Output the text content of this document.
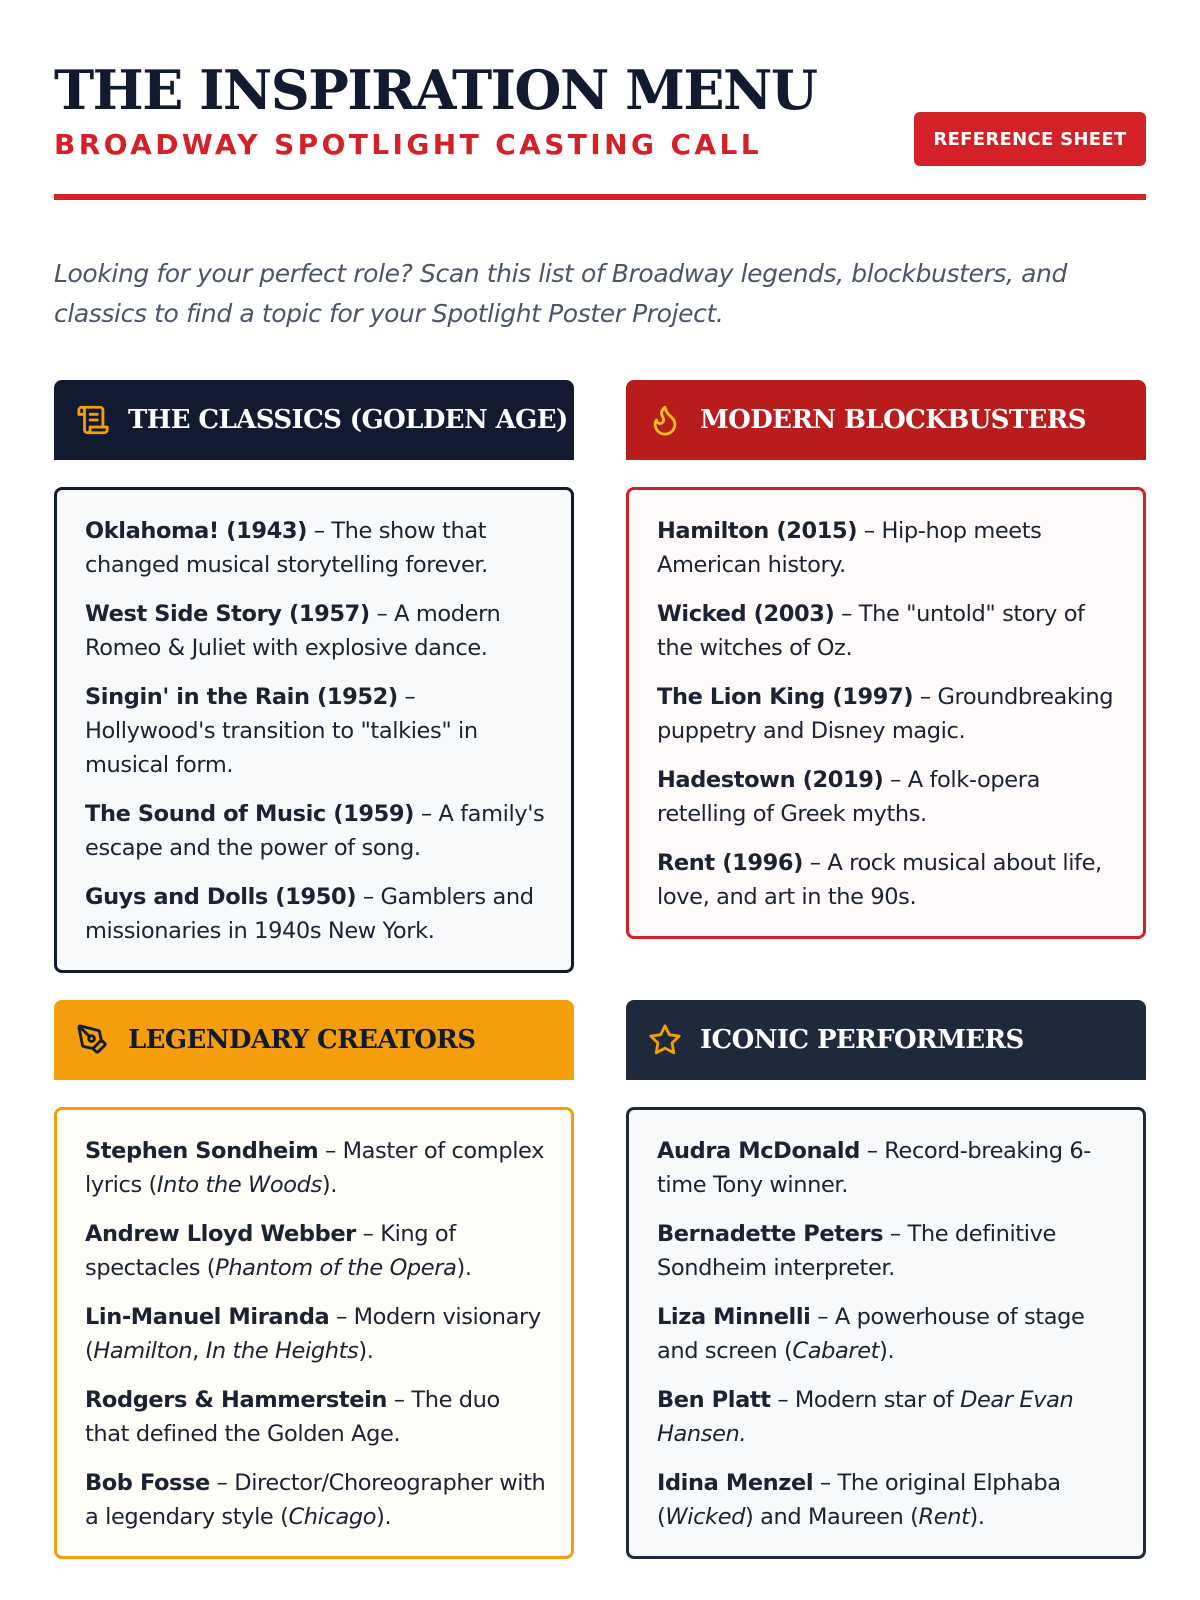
THE INSPIRATION MENU
BROADWAY SPOTLIGHT CASTING CALL	REFERENCE SHEET

Looking for your perfect role? Scan this list of Broadway legends, blockbusters, and classics to find a topic for your Spotlight Poster Project.

THE CLASSICS (GOLDEN AGE)

Oklahoma! (1943) – The show that changed musical storytelling forever.

West Side Story (1957) – A modern Romeo & Juliet with explosive dance.

Singin' in the Rain (1952) – Hollywood's transition to "talkies" in musical form.

The Sound of Music (1959) – A family's escape and the power of song.

Guys and Dolls (1950) – Gamblers and missionaries in 1940s New York.

MODERN BLOCKBUSTERS

Hamilton (2015) – Hip-hop meets American history.

Wicked (2003) – The "untold" story of the witches of Oz.

The Lion King (1997) – Groundbreaking puppetry and Disney magic.

Hadestown (2019) – A folk-opera retelling of Greek myths.

Rent (1996) – A rock musical about life, love, and art in the 90s.

LEGENDARY CREATORS

Stephen Sondheim – Master of complex lyrics (Into the Woods).

Andrew Lloyd Webber – King of spectacles (Phantom of the Opera).

Lin-Manuel Miranda – Modern visionary (Hamilton, In the Heights).

Rodgers & Hammerstein – The duo that defined the Golden Age.

Bob Fosse – Director/Choreographer with a legendary style (Chicago).

ICONIC PERFORMERS

Audra McDonald – Record-breaking 6-time Tony winner.

Bernadette Peters – The definitive Sondheim interpreter.

Liza Minnelli – A powerhouse of stage and screen (Cabaret).

Ben Platt – Modern star of Dear Evan Hansen.

Idina Menzel – The original Elphaba (Wicked) and Maureen (Rent).
